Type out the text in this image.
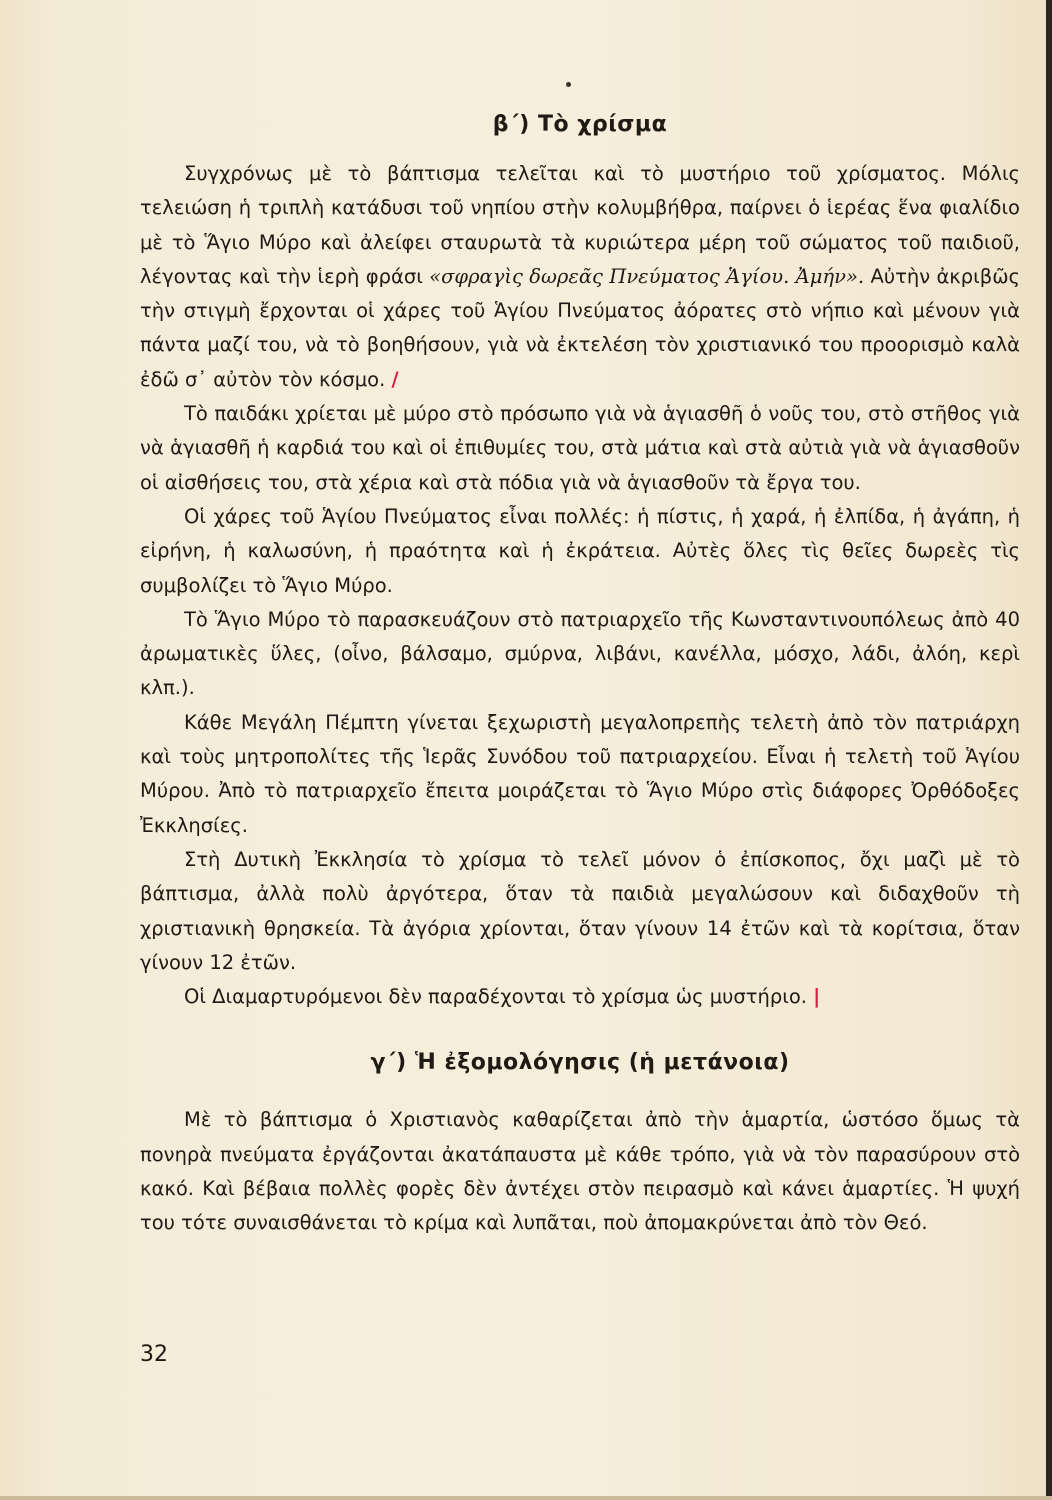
β΄) Τὸ χρίσμα

Συγχρόνως μὲ τὸ βάπτισμα τελεῖται καὶ τὸ μυστήριο τοῦ χρίσματος. Μόλις τελειώση ἡ τριπλὴ κατάδυσι τοῦ νηπίου στὴν κολυμβήθρα, παίρνει ὁ ἱερέας ἕνα φιαλίδιο μὲ τὸ Ἅγιο Μύρο καὶ ἀλείφει σταυρωτὰ τὰ κυριώτερα μέρη τοῦ σώματος τοῦ παιδιοῦ, λέγοντας καὶ τὴν ἱερὴ φράσι «σφραγὶς δωρεᾶς Πνεύματος Ἁγίου. Ἀμήν». Αὐτὴν ἀκριβῶς τὴν στιγμὴ ἔρχονται οἱ χάρες τοῦ Ἁγίου Πνεύματος ἀόρατες στὸ νήπιο καὶ μένουν γιὰ πάντα μαζί του, νὰ τὸ βοηθήσουν, γιὰ νὰ ἐκτελέση τὸν χριστιανικό του προορισμὸ καλὰ ἐδῶ σ᾽ αὐτὸν τὸν κόσμο. /

Τὸ παιδάκι χρίεται μὲ μύρο στὸ πρόσωπο γιὰ νὰ ἁγιασθῆ ὁ νοῦς του, στὸ στῆθος γιὰ νὰ ἁγιασθῆ ἡ καρδιά του καὶ οἱ ἐπιθυμίες του, στὰ μάτια καὶ στὰ αὐτιὰ γιὰ νὰ ἁγιασθοῦν οἱ αἰσθήσεις του, στὰ χέρια καὶ στὰ πόδια γιὰ νὰ ἁγιασθοῦν τὰ ἔργα του.

Οἱ χάρες τοῦ Ἁγίου Πνεύματος εἶναι πολλές: ἡ πίστις, ἡ χαρά, ἡ ἐλπίδα, ἡ ἀγάπη, ἡ εἰρήνη, ἡ καλωσύνη, ἡ πραότητα καὶ ἡ ἐκράτεια. Αὐτὲς ὅλες τὶς θεῖες δωρεὲς τὶς συμβολίζει τὸ Ἅγιο Μύρο.

Τὸ Ἅγιο Μύρο τὸ παρασκευάζουν στὸ πατριαρχεῖο τῆς Κωνσταντινουπόλεως ἀπὸ 40 ἀρωματικὲς ὕλες, (οἶνο, βάλσαμο, σμύρνα, λιβάνι, κανέλλα, μόσχο, λάδι, ἀλόη, κερὶ κλπ.).

Κάθε Μεγάλη Πέμπτη γίνεται ξεχωριστὴ μεγαλοπρεπὴς τελετὴ ἀπὸ τὸν πατριάρχη καὶ τοὺς μητροπολίτες τῆς Ἱερᾶς Συνόδου τοῦ πατριαρχείου. Εἶναι ἡ τελετὴ τοῦ Ἁγίου Μύρου. Ἀπὸ τὸ πατριαρχεῖο ἔπειτα μοιράζεται τὸ Ἅγιο Μύρο στὶς διάφορες Ὀρθόδοξες Ἐκκλησίες.

Στὴ Δυτικὴ Ἐκκλησία τὸ χρίσμα τὸ τελεῖ μόνον ὁ ἐπίσκοπος, ὄχι μαζὶ μὲ τὸ βάπτισμα, ἀλλὰ πολὺ ἀργότερα, ὅταν τὰ παιδιὰ μεγαλώσουν καὶ διδαχθοῦν τὴ χριστιανικὴ θρησκεία. Τὰ ἀγόρια χρίονται, ὅταν γίνουν 14 ἐτῶν καὶ τὰ κορίτσια, ὅταν γίνουν 12 ἐτῶν.

Οἱ Διαμαρτυρόμενοι δὲν παραδέχονται τὸ χρίσμα ὡς μυστήριο. |

γ΄) Ἡ ἐξομολόγησις (ἡ μετάνοια)

Μὲ τὸ βάπτισμα ὁ Χριστιανὸς καθαρίζεται ἀπὸ τὴν ἁμαρτία, ὡστόσο ὅμως τὰ πονηρὰ πνεύματα ἐργάζονται ἀκατάπαυστα μὲ κάθε τρόπο, γιὰ νὰ τὸν παρασύρουν στὸ κακό. Καὶ βέβαια πολλὲς φορὲς δὲν ἀντέχει στὸν πειρασμὸ καὶ κάνει ἁμαρτίες. Ἡ ψυχή του τότε συναισθάνεται τὸ κρίμα καὶ λυπᾶται, ποὺ ἀπομακρύνεται ἀπὸ τὸν Θεό.

32
